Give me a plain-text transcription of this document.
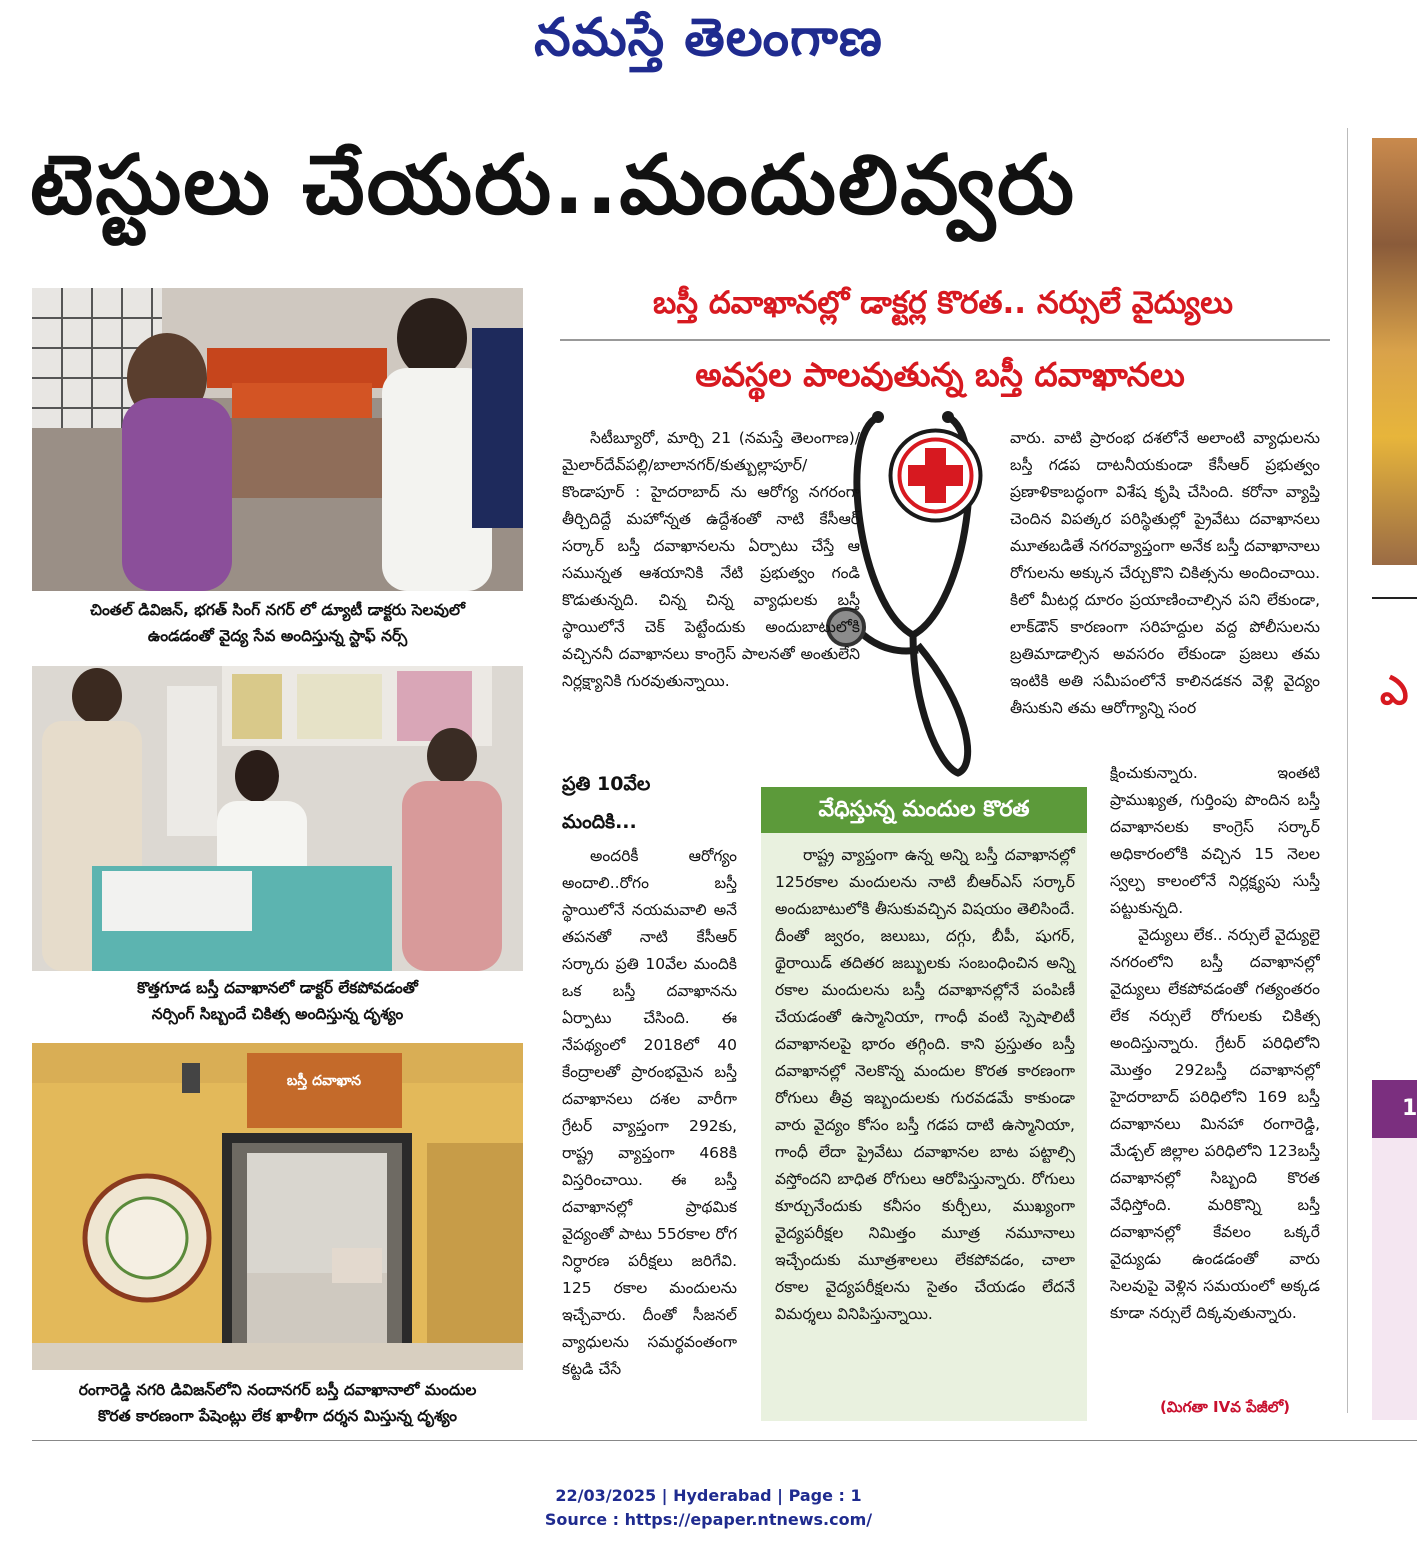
నమస్తే తెలంగాణ
టెస్టులు చేయరు..మందులివ్వరు
ఎ
1
చింతల్ డివిజన్, భగత్ సింగ్ నగర్ లో డ్యూటీ డాక్టరు సెలవులో
ఉండడంతో వైద్య సేవ అందిస్తున్న స్టాఫ్ నర్స్
కొత్తగూడ బస్తీ దవాఖానలో డాక్టర్ లేకపోవడంతో
నర్సింగ్ సిబ్బందే చికిత్స అందిస్తున్న దృశ్యం
బస్తీ దవాఖాన
రంగారెడ్డి నగరి డివిజన్‌లోని నందానగర్ బస్తీ దవాఖానాలో మందుల
కొరత కారణంగా పేషెంట్లు లేక ఖాళీగా దర్శన మిస్తున్న దృశ్యం
బస్తీ దవాఖానల్లో డాక్టర్ల కొరత.. నర్సులే వైద్యులు
అవస్థల పాలవుతున్న బస్తీ దవాఖానలు

సిటీబ్యూరో, మార్చి 21 (నమస్తే తెలంగాణ)/మైలార్‌దేవ్‌పల్లి/బాలానగర్/కుత్బుల్లాపూర్/ కొండాపూర్ : హైదరాబాద్ ను ఆరోగ్య నగరంగా తీర్చిదిద్దే మహోన్నత ఉద్దేశంతో నాటి కేసీఆర్ సర్కార్ బస్తీ దవాఖానలను ఏర్పాటు చేస్తే ఆ సమున్నత ఆశయానికి నేటి ప్రభుత్వం గండి కొడుతున్నది. చిన్న చిన్న వ్యాధులకు బస్తీ స్థాయిలోనే చెక్ పెట్టేందుకు అందుబాటులోకి వచ్చిననీ దవాఖానలు కాంగ్రెస్ పాలనతో అంతులేని నిర్లక్ష్యానికి గురవుతున్నాయి.

ప్రతి 10వేల
మందికి...

అందరికీ ఆరోగ్యం అందాలి..రోగం బస్తీ స్థాయిలోనే నయమవాలి అనే తపనతో నాటి కేసీఆర్ సర్కారు ప్రతి 10వేల మందికి ఒక బస్తీ దవాఖానను ఏర్పాటు చేసింది. ఈ నేపథ్యంలో 2018లో 40 కేంద్రాలతో ప్రారంభమైన బస్తీ దవాఖానలు దశల వారీగా గ్రేటర్ వ్యాప్తంగా 292కు, రాష్ట్ర వ్యాప్తంగా 468కి విస్తరించాయి. ఈ బస్తీ దవాఖానల్లో ప్రాథమిక వైద్యంతో పాటు 55రకాల రోగ నిర్ధారణ పరీక్షలు జరిగేవి. 125 రకాల మందులను ఇచ్చేవారు. దీంతో సీజనల్ వ్యాధులను సమర్థవంతంగా కట్టడి చేసే

వేధిస్తున్న మందుల కొరత

రాష్ట్ర వ్యాప్తంగా ఉన్న అన్ని బస్తీ దవాఖానల్లో 125రకాల మందులను నాటి బీఆర్ఎస్ సర్కార్ అందుబాటులోకి తీసుకువచ్చిన విషయం తెలిసిందే. దీంతో జ్వరం, జలుబు, దగ్గు, బీపీ, షుగర్, థైరాయిడ్ తదితర జబ్బులకు సంబంధించిన అన్ని రకాల మందులను బస్తీ దవాఖానల్లోనే పంపిణీ చేయడంతో ఉస్మానియా, గాంధీ వంటి స్పెషాలిటీ దవాఖానలపై భారం తగ్గింది. కాని ప్రస్తుతం బస్తీ దవాఖానల్లో నెలకొన్న మందుల కొరత కారణంగా రోగులు తీవ్ర ఇబ్బందులకు గురవడమే కాకుండా వారు వైద్యం కోసం బస్తీ గడప దాటి ఉస్మానియా, గాంధీ లేదా ప్రైవేటు దవాఖానల బాట పట్టాల్సి వస్తోందని బాధిత రోగులు ఆరోపిస్తున్నారు. రోగులు కూర్చునేందుకు కనీసం కుర్చీలు, ముఖ్యంగా వైద్యపరీక్షల నిమిత్తం మూత్ర నమూనాలు ఇచ్చేందుకు మూత్రశాలలు లేకపోవడం, చాలా రకాల వైద్యపరీక్షలను సైతం చేయడం లేదనే విమర్శలు వినిపిస్తున్నాయి.

వారు. వాటి ప్రారంభ దశలోనే అలాంటి వ్యాధులను బస్తీ గడప దాటనీయకుండా కేసీఆర్ ప్రభుత్వం ప్రణాళికాబద్ధంగా విశేష కృషి చేసింది. కరోనా వ్యాప్తి చెందిన విపత్కర పరిస్థితుల్లో ప్రైవేటు దవాఖానలు మూతబడితే నగరవ్యాప్తంగా అనేక బస్తీ దవాఖానాలు రోగులను అక్కున చేర్చుకొని చికిత్సను అందించాయి. కిలో మీటర్ల దూరం ప్రయాణించాల్సిన పని లేకుండా, లాక్‌డౌన్ కారణంగా సరిహద్దుల వద్ద పోలీసులను బ్రతిమాడాల్సిన అవసరం లేకుండా ప్రజలు తమ ఇంటికి అతి సమీపంలోనే కాలినడకన వెళ్లి వైద్యం తీసుకుని తమ ఆరోగ్యాన్ని సంర

క్షించుకున్నారు. ఇంతటి ప్రాముఖ్యత, గుర్తింపు పొందిన బస్తీ దవాఖానలకు కాంగ్రెస్ సర్కార్ అధికారంలోకి వచ్చిన 15 నెలల స్వల్ప కాలంలోనే నిర్లక్ష్యపు సుస్తీ పట్టుకున్నది.

వైద్యులు లేక.. నర్సులే వైద్యులై నగరంలోని బస్తీ దవాఖానల్లో వైద్యులు లేకపోవడంతో గత్యంతరం లేక నర్సులే రోగులకు చికిత్స అందిస్తున్నారు. గ్రేటర్ పరిధిలోని మొత్తం 292బస్తీ దవాఖానల్లో హైదరాబాద్ పరిధిలోని 169 బస్తీ దవాఖానలు మినహా రంగారెడ్డి, మేడ్చల్ జిల్లాల పరిధిలోని 123బస్తీ దవాఖానల్లో సిబ్బంది కొరత వేధిస్తోంది. మరికొన్ని బస్తీ దవాఖానల్లో కేవలం ఒక్కరే వైద్యుడు ఉండడంతో వారు సెలవుపై వెళ్లిన సమయంలో అక్కడ కూడా నర్సులే దిక్కవుతున్నారు.

(మిగతా IVవ పేజీలో)
22/03/2025 | Hyderabad | Page : 1
Source : https://epaper.ntnews.com/
